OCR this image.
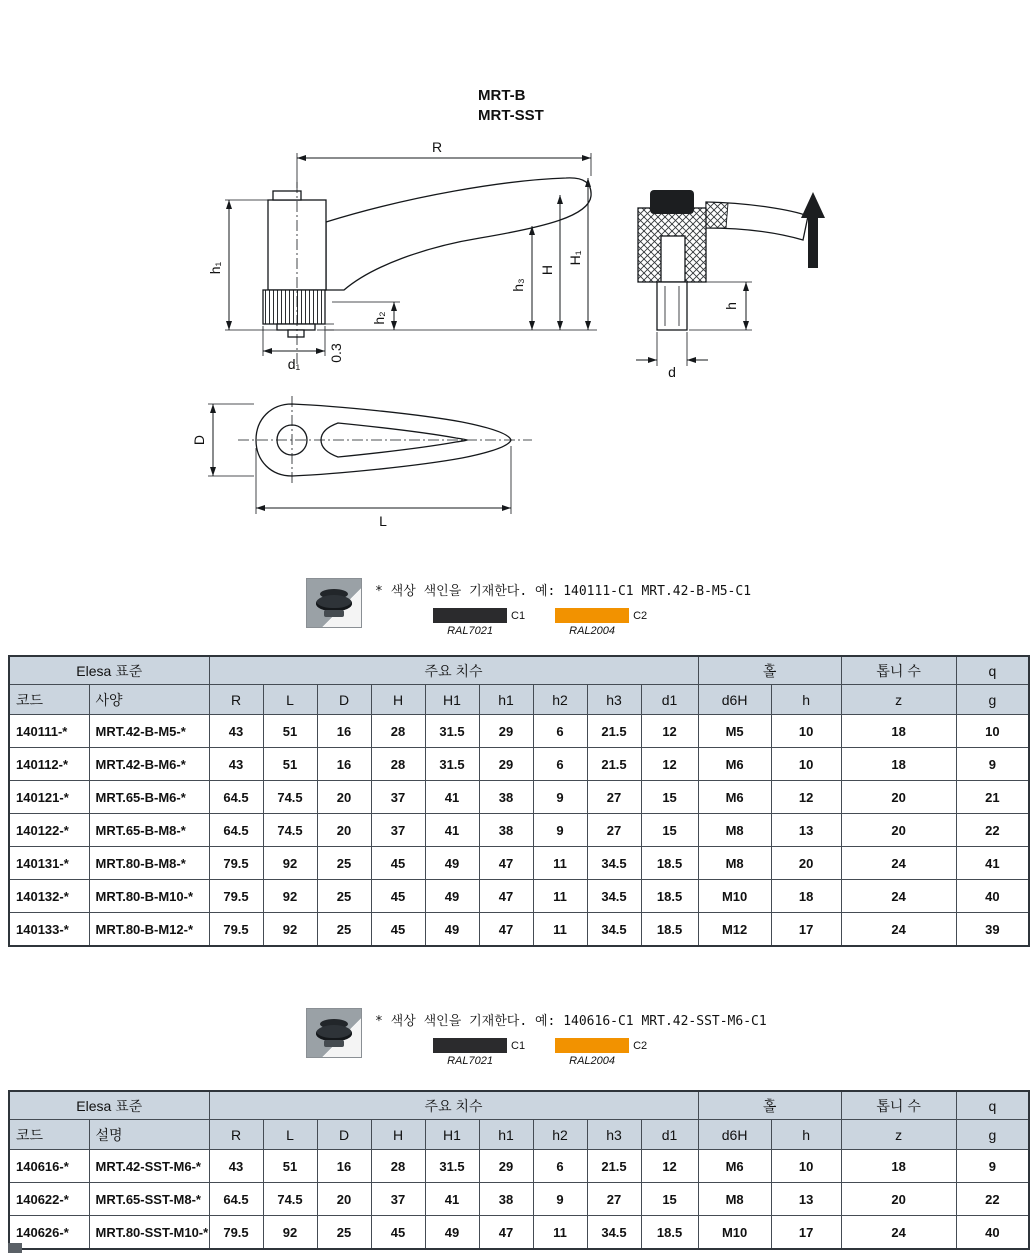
MRT-B
MRT-SST
R
h₁
h₃
H
H₁
h₂
d₁
0.3
D
L
d
h
* 색상 색인을 기재한다. 예: 140111-C1 MRT.42-B-M5-C1
C1
RAL7021
C2
RAL2004
Elesa 표준		주요 치수									홀		톱니 수	q
코드	사양	R	L	D	H	H1	h1	h2	h3	d1	d6H	h	z	g
140111-*	MRT.42-B-M5-*	43	51	16	28	31.5	29	6	21.5	12	M5	10	18	10
140112-*	MRT.42-B-M6-*	43	51	16	28	31.5	29	6	21.5	12	M6	10	18	9
140121-*	MRT.65-B-M6-*	64.5	74.5	20	37	41	38	9	27	15	M6	12	20	21
140122-*	MRT.65-B-M8-*	64.5	74.5	20	37	41	38	9	27	15	M8	13	20	22
140131-*	MRT.80-B-M8-*	79.5	92	25	45	49	47	11	34.5	18.5	M8	20	24	41
140132-*	MRT.80-B-M10-*	79.5	92	25	45	49	47	11	34.5	18.5	M10	18	24	40
140133-*	MRT.80-B-M12-*	79.5	92	25	45	49	47	11	34.5	18.5	M12	17	24	39
* 색상 색인을 기재한다. 예: 140616-C1 MRT.42-SST-M6-C1
C1
RAL7021
C2
RAL2004
Elesa 표준		주요 치수									홀		톱니 수	q
코드	설명	R	L	D	H	H1	h1	h2	h3	d1	d6H	h	z	g
140616-*	MRT.42-SST-M6-*	43	51	16	28	31.5	29	6	21.5	12	M6	10	18	9
140622-*	MRT.65-SST-M8-*	64.5	74.5	20	37	41	38	9	27	15	M8	13	20	22
140626-*	MRT.80-SST-M10-*	79.5	92	25	45	49	47	11	34.5	18.5	M10	17	24	40
